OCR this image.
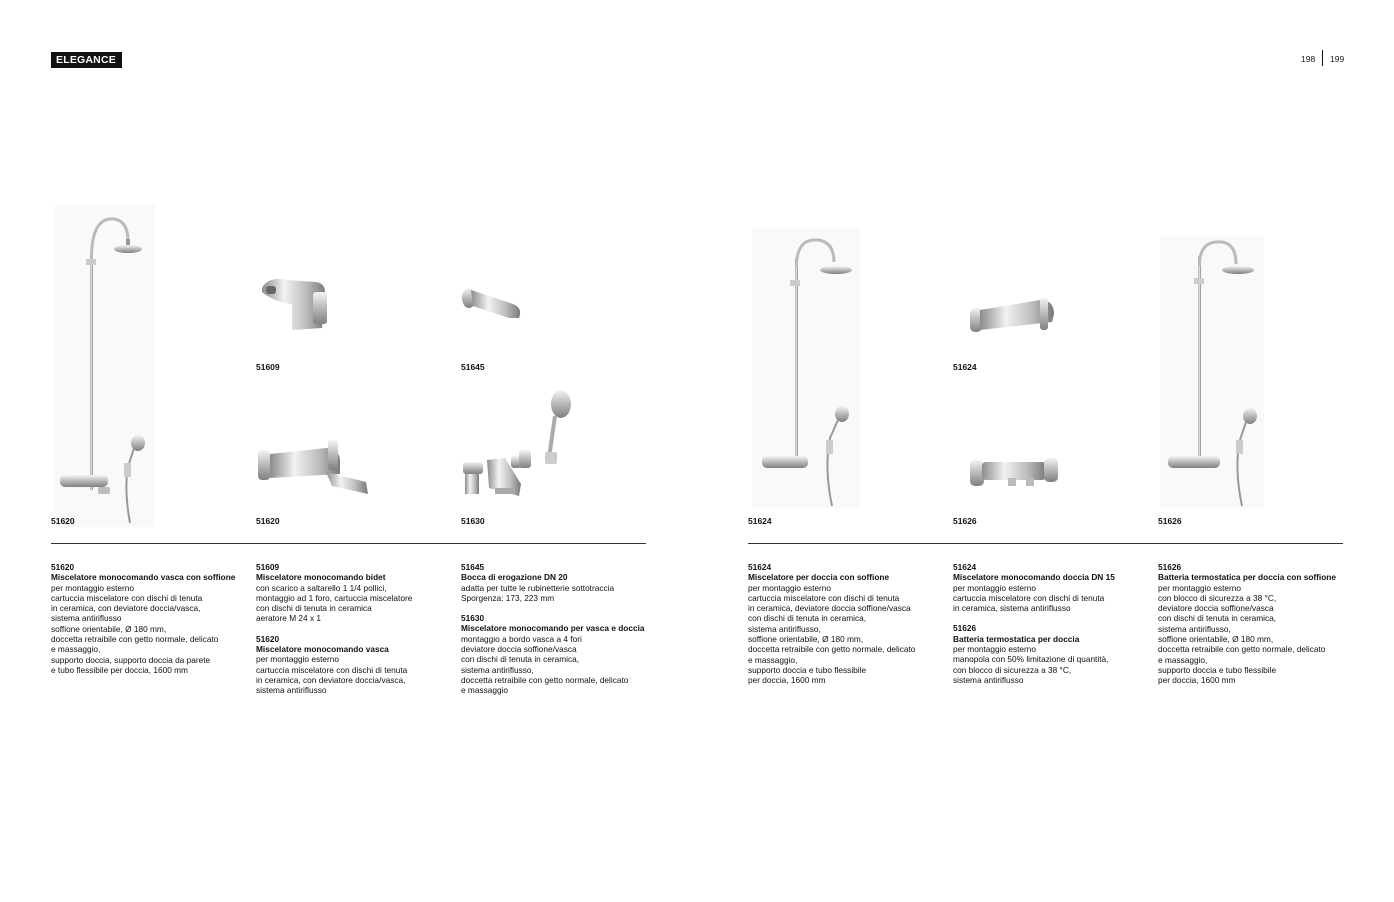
ELEGANCE	198 199
51620
51609	51645
51620	51630	51624
51624
51626	51626
51620
Miscelatore monocomando vasca con soffione
per montaggio esterno
cartuccia miscelatore con dischi di tenuta
in ceramica, con deviatore doccia/vasca,
sistema antiriflusso
soffione orientabile, Ø 180 mm,
doccetta retraibile con getto normale, delicato
e massaggio,
supporto doccia, supporto doccia da parete
e tubo flessibile per doccia, 1600 mm
51609
Miscelatore monocomando bidet
con scarico a saltarello 1 1/4 pollici,
montaggio ad 1 foro, cartuccia miscelatore
con dischi di tenuta in ceramica
aeratore M 24 x 1
51620
Miscelatore monocomando vasca
per montaggio esterno
cartuccia miscelatore con dischi di tenuta
in ceramica, con deviatore doccia/vasca,
sistema antiriflusso
51645
Bocca di erogazione DN 20
adatta per tutte le rubinetterie sottotraccia
Sporgenza: 173, 223 mm
51630
Miscelatore monocomando per vasca e doccia
montaggio a bordo vasca a 4 fori
deviatore doccia soffione/vasca
con dischi di tenuta in ceramica,
sistema antiriflusso,
doccetta retraibile con getto normale, delicato
e massaggio
51624
Miscelatore per doccia con soffione
per montaggio esterno
cartuccia miscelatore con dischi di tenuta
in ceramica, deviatore doccia soffione/vasca
con dischi di tenuta in ceramica,
sistema antiriflusso,
soffione orientabile, Ø 180 mm,
doccetta retraibile con getto normale, delicato
e massaggio,
supporto doccia e tubo flessibile
per doccia, 1600 mm
51624
Miscelatore monocomando doccia DN 15
per montaggio esterno
cartuccia miscelatore con dischi di tenuta
in ceramica, sistema antiriflusso
51626
Batteria termostatica per doccia
per montaggio esterno
manopola con 50% limitazione di quantità,
con blocco di sicurezza a 38 °C,
sistema antiriflusso
51626
Batteria termostatica per doccia con soffione
per montaggio esterno
con blocco di sicurezza a 38 °C,
deviatore doccia soffione/vasca
con dischi di tenuta in ceramica,
sistema antiriflusso,
soffione orientabile, Ø 180 mm,
doccetta retraibile con getto normale, delicato
e massaggio,
supporto doccia e tubo flessibile
per doccia, 1600 mm
